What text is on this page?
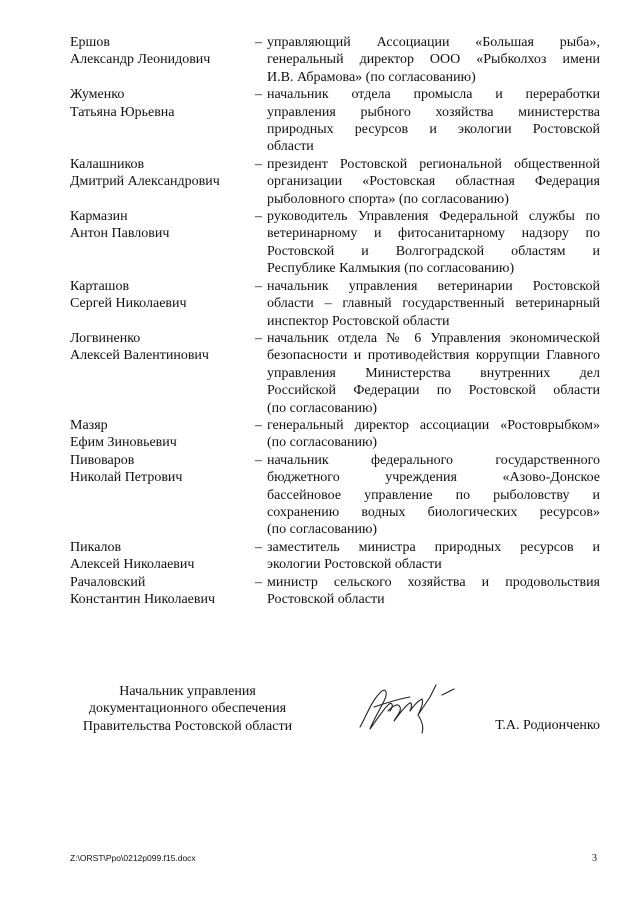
Ершов
Александр Леонидович
– управляющий Ассоциации «Большая рыба»,
генеральный директор ООО «Рыбколхоз имени
И.В. Абрамова» (по согласованию)
Жуменко
Татьяна Юрьевна
– начальник отдела промысла и переработки
управления рыбного хозяйства министерства
природных ресурсов и экологии Ростовской
области
Калашников
Дмитрий Александрович
– президент Ростовской региональной общественной
организации «Ростовская областная Федерация
рыболовного спорта» (по согласованию)
Кармазин
Антон Павлович
– руководитель Управления Федеральной службы по
ветеринарному и фитосанитарному надзору по
Ростовской и Волгоградской областям и
Республике Калмыкия (по согласованию)
Карташов
Сергей Николаевич
– начальник управления ветеринарии Ростовской
области – главный государственный ветеринарный
инспектор Ростовской области
Логвиненко
Алексей Валентинович
– начальник отдела № 6 Управления экономической
безопасности и противодействия коррупции Главного
управления Министерства внутренних дел
Российской Федерации по Ростовской области
(по согласованию)
Мазяр
Ефим Зиновьевич
– генеральный директор ассоциации «Ростоврыбком»
(по согласованию)
Пивоваров
Николай Петрович
– начальник федерального государственного
бюджетного учреждения «Азово-Донское
бассейновое управление по рыболовству и
сохранению водных биологических ресурсов»
(по согласованию)
Пикалов
Алексей Николаевич
– заместитель министра природных ресурсов и
экологии Ростовской области
Рачаловский
Константин Николаевич
– министр сельского хозяйства и продовольствия
Ростовской области
Начальник управления
документационного обеспечения
Правительства Ростовской области	Т.А. Родионченко
Z:\ORST\Ppo\0212p099.f15.docx	3
